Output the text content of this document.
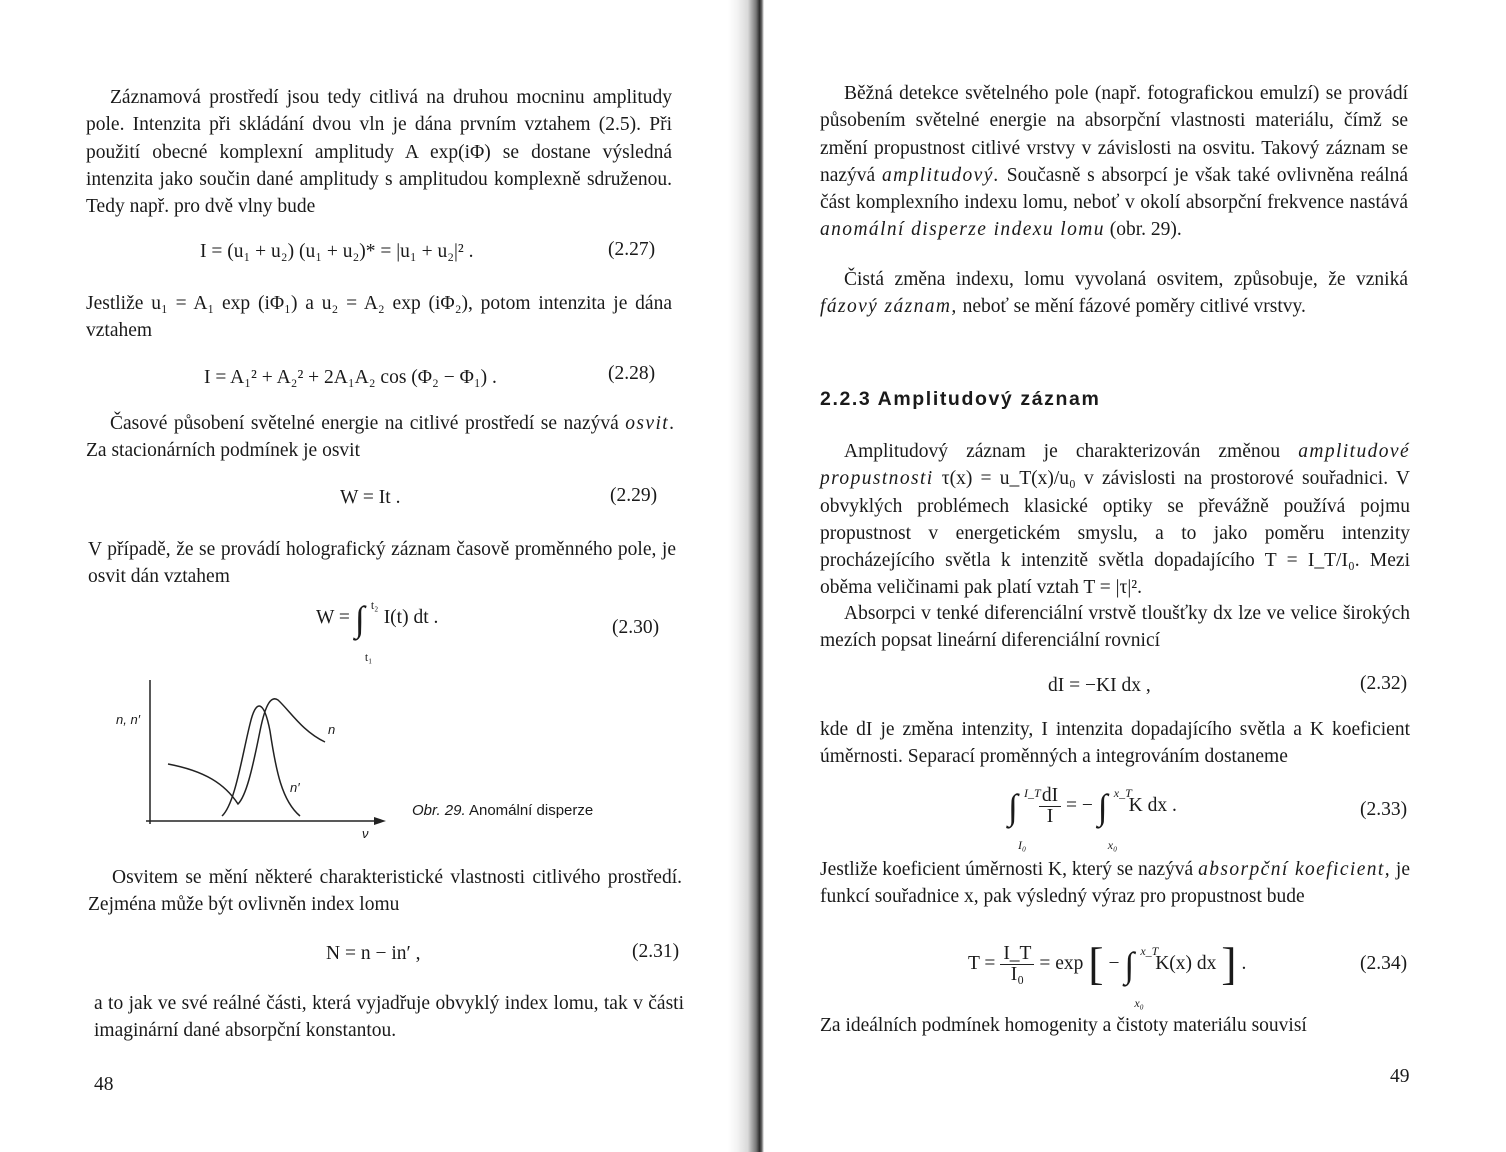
Záznamová prostředí jsou tedy citlivá na druhou mocninu amplitudy pole. Intenzita při skládání dvou vln je dána prvním vztahem (2.5). Při použití obecné komplexní amplitudy A exp(iΦ) se dostane výsledná intenzita jako součin dané amplitudy s amplitudou komplexně sdruženou. Tedy např. pro dvě vlny bude

I = (u₁ + u₂) (u₁ + u₂)* = |u₁ + u₂|² .	(2.27)

Jestliže u₁ = A₁ exp (iΦ₁) a u₂ = A₂ exp (iΦ₂), potom intenzita je dána vztahem

I = A₁² + A₂² + 2A₁A₂ cos (Φ₂ − Φ₁) .	(2.28)

Časové působení světelné energie na citlivé prostředí se nazývá osvit. Za stacionárních podmínek je osvit

W = It .	(2.29)

V případě, že se provádí holografický záznam časově proměnného pole, je osvit dán vztahem

W = ∫ t₂
t₁
I(t) dt .	(2.30)
n, n′
ν
n
n′
Obr. 29. Anomální disperze

Osvitem se mění některé charakteristické vlastnosti citlivého prostředí. Zejména může být ovlivněn index lomu

N = n − in′ ,	(2.31)

a to jak ve své reálné části, která vyjadřuje obvyklý index lomu, tak v části imaginární dané absorpční konstantou.

48

Běžná detekce světelného pole (např. fotografickou emulzí) se provádí působením světelné energie na absorpční vlastnosti materiálu, čímž se změní propustnost citlivé vrstvy v závislosti na osvitu. Takový záznam se nazývá amplitudový. Současně s absorpcí je však také ovlivněna reálná část komplexního indexu lomu, neboť v okolí absorpční frekvence nastává anomální disperze indexu lomu (obr. 29).

Čistá změna indexu, lomu vyvolaná osvitem, způsobuje, že vzniká fázový záznam, neboť se mění fázové poměry citlivé vrstvy.

2.2.3 Amplitudový záznam

Amplitudový záznam je charakterizován změnou amplitudové propustnosti τ(x) = u_T(x)/u₀ v závislosti na prostorové souřadnici. V obvyklých problémech klasické optiky se převážně používá pojmu propustnost v energetickém smyslu, a to jako poměru intenzity procházejícího světla k intenzitě světla dopadajícího T = I_T/I₀. Mezi oběma veličinami pak platí vztah T = |τ|².

Absorpci v tenké diferenciální vrstvě tloušťky dx lze ve velice širokých mezích popsat lineární diferenciální rovnicí

dI = −KI dx ,	(2.32)

kde dI je změna intenzity, I intenzita dopadajícího světla a K koeficient úměrnosti. Separací proměnných a integrováním dostaneme

∫ I_T
I₀

$\frac{dI}{I}$ = − ∫ x_T
x₀
K dx .	(2.33)

Jestliže koeficient úměrnosti K, který se nazývá absorpční koeficient, je funkcí souřadnice x, pak výsledný výraz pro propustnost bude

$T = \frac{I\_T}{\text{I₀}} = \exp$ [ − ∫ x_T
x₀
K(x) dx ] .	(2.34)

Za ideálních podmínek homogenity a čistoty materiálu souvisí

49
